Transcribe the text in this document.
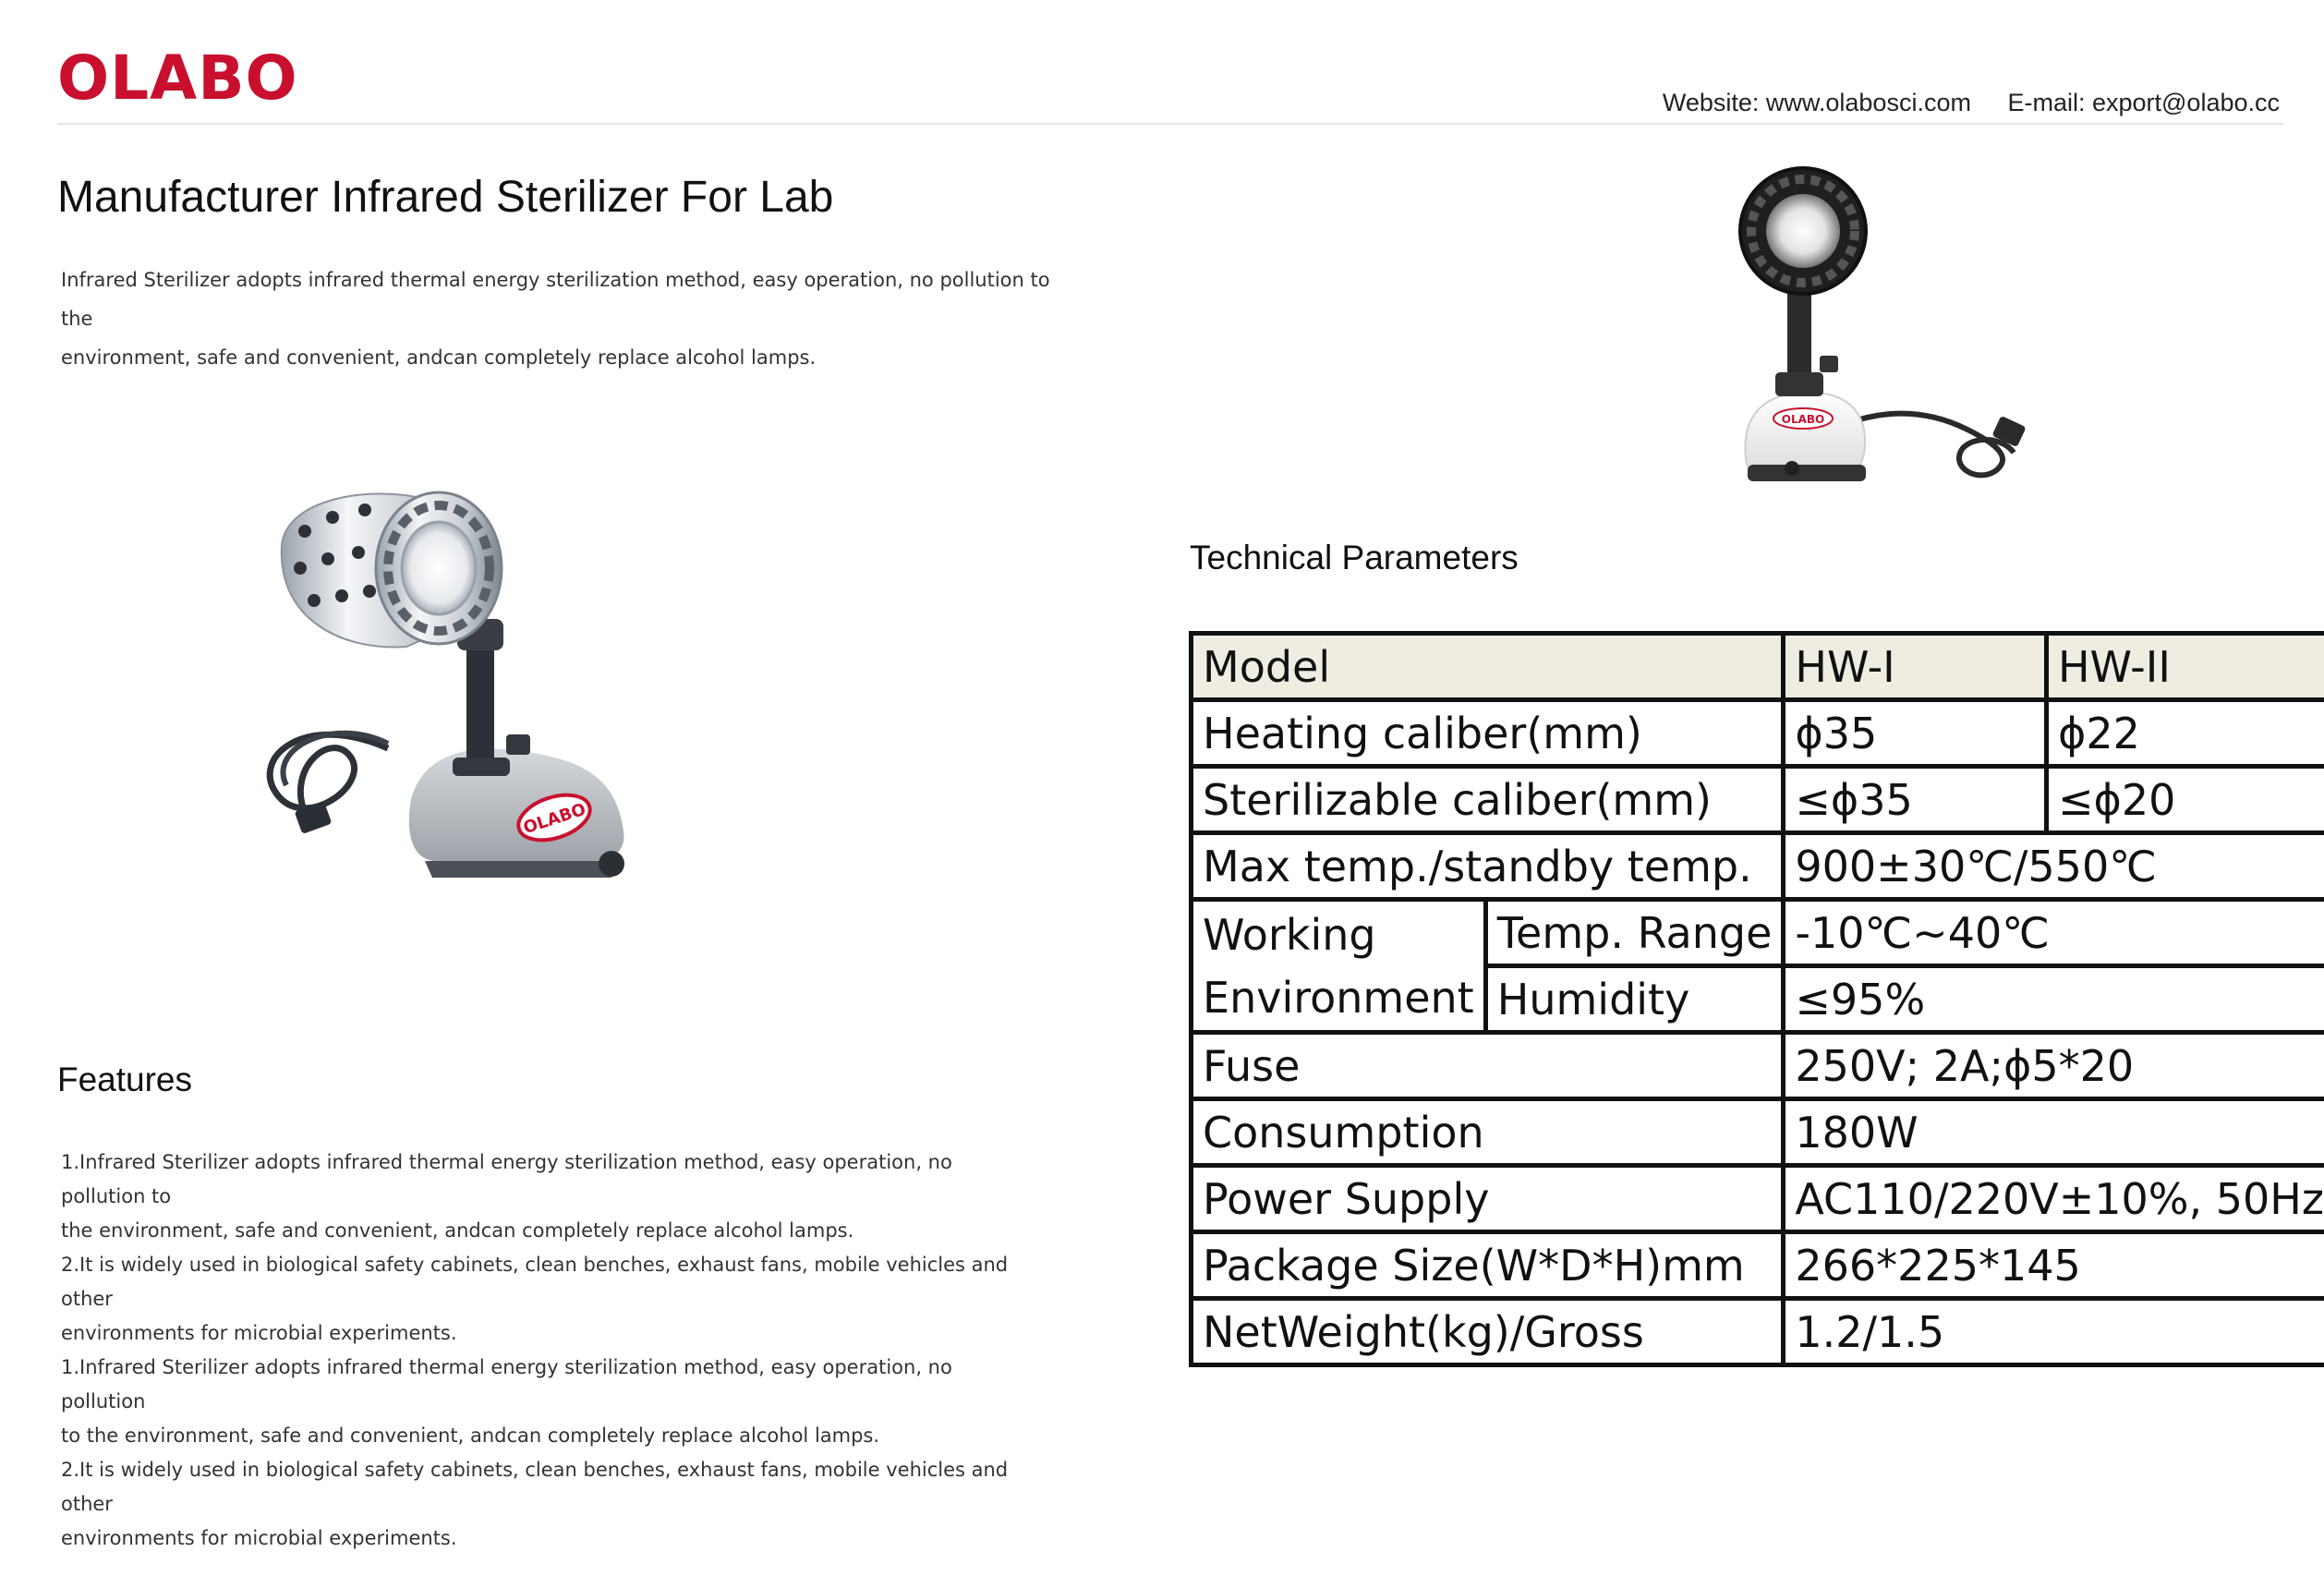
OLABO	Website: www.olabosci.com E-mail: export@olabo.cc
Manufacturer Infrared Sterilizer For Lab
Infrared Sterilizer adopts infrared thermal energy sterilization method, easy operation, no pollution to the
environment, safe and convenient, andcan completely replace alcohol lamps.
OLABO
OLABO
Technical Parameters
Model		HW-I	HW-II
Heating caliber(mm)		ϕ35	ϕ22
Sterilizable caliber(mm)		≤ϕ35	≤ϕ20
Max temp./standby temp.		900±30℃/550℃	

Working
Environment	Temp. Range	-10℃~40℃	
	Humidity	≤95%	
Fuse		250V; 2A;ϕ5*20	
Consumption		180W	
Power Supply		AC110/220V±10%, 50Hz	
Package Size(W*D*H)mm		266*225*145	
NetWeight(kg)/Gross		1.2/1.5	
Features
1.Infrared Sterilizer adopts infrared thermal energy sterilization method, easy operation, no pollution to
the environment, safe and convenient, andcan completely replace alcohol lamps.
2.It is widely used in biological safety cabinets, clean benches, exhaust fans, mobile vehicles and other
environments for microbial experiments.
1.Infrared Sterilizer adopts infrared thermal energy sterilization method, easy operation, no pollution
to the environment, safe and convenient, andcan completely replace alcohol lamps.
2.It is widely used in biological safety cabinets, clean benches, exhaust fans, mobile vehicles and other
environments for microbial experiments.
